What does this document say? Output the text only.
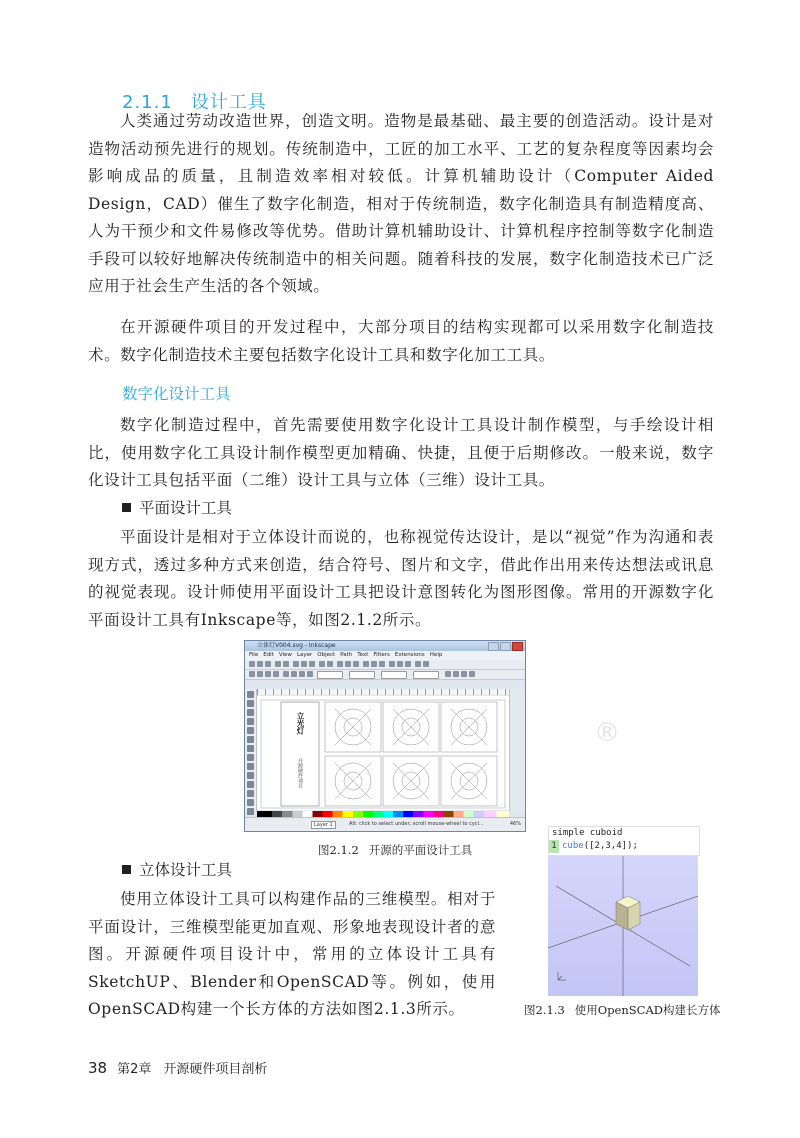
2.1.1 设计工具

人类通过劳动改造世界，创造文明。造物是最基础、最主要的创造活动。设计是对造物活动预先进行的规划。传统制造中，工匠的加工水平、工艺的复杂程度等因素均会影响成品的质量，且制造效率相对较低。计算机辅助设计（Computer Aided Design，CAD）催生了数字化制造，相对于传统制造，数字化制造具有制造精度高、人为干预少和文件易修改等优势。借助计算机辅助设计、计算机程序控制等数字化制造手段可以较好地解决传统制造中的相关问题。随着科技的发展，数字化制造技术已广泛应用于社会生产生活的各个领域。

在开源硬件项目的开发过程中，大部分项目的结构实现都可以采用数字化制造技术。数字化制造技术主要包括数字化设计工具和数字化加工工具。

数字化设计工具

数字化制造过程中，首先需要使用数字化设计工具设计制作模型，与手绘设计相比，使用数字化工具设计制作模型更加精确、快捷，且便于后期修改。一般来说，数字化设计工具包括平面（二维）设计工具与立体（三维）设计工具。

平面设计工具

平面设计是相对于立体设计而说的，也称视觉传达设计，是以“视觉”作为沟通和表现方式，透过多种方式来创造，结合符号、图片和文字，借此作出用来传达想法或讯息的视觉表现。设计师使用平面设计工具把设计意图转化为图形图像。常用的开源数字化平面设计工具有Inkscape等，如图2.1.2所示。

立体灯V004.svg - Inkscape
File Edit View Layer Object Path Text Filters Extensions Help
立光灯
开源硬件项目
Layer 1	Alt: click to select under; scroll mouse-wheel to cycl...	46%
图2.1.2 开源的平面设计工具
®
立体设计工具

使用立体设计工具可以构建作品的三维模型。相对于平面设计，三维模型能更加直观、形象地表现设计者的意图。开源硬件项目设计中，常用的立体设计工具有SketchUP、Blender和OpenSCAD等。例如，使用OpenSCAD构建一个长方体的方法如图2.1.3所示。

simple cuboid
1 cube([2,3,4]);
图2.1.3 使用OpenSCAD构建长方体
38 第2章 开源硬件项目剖析
